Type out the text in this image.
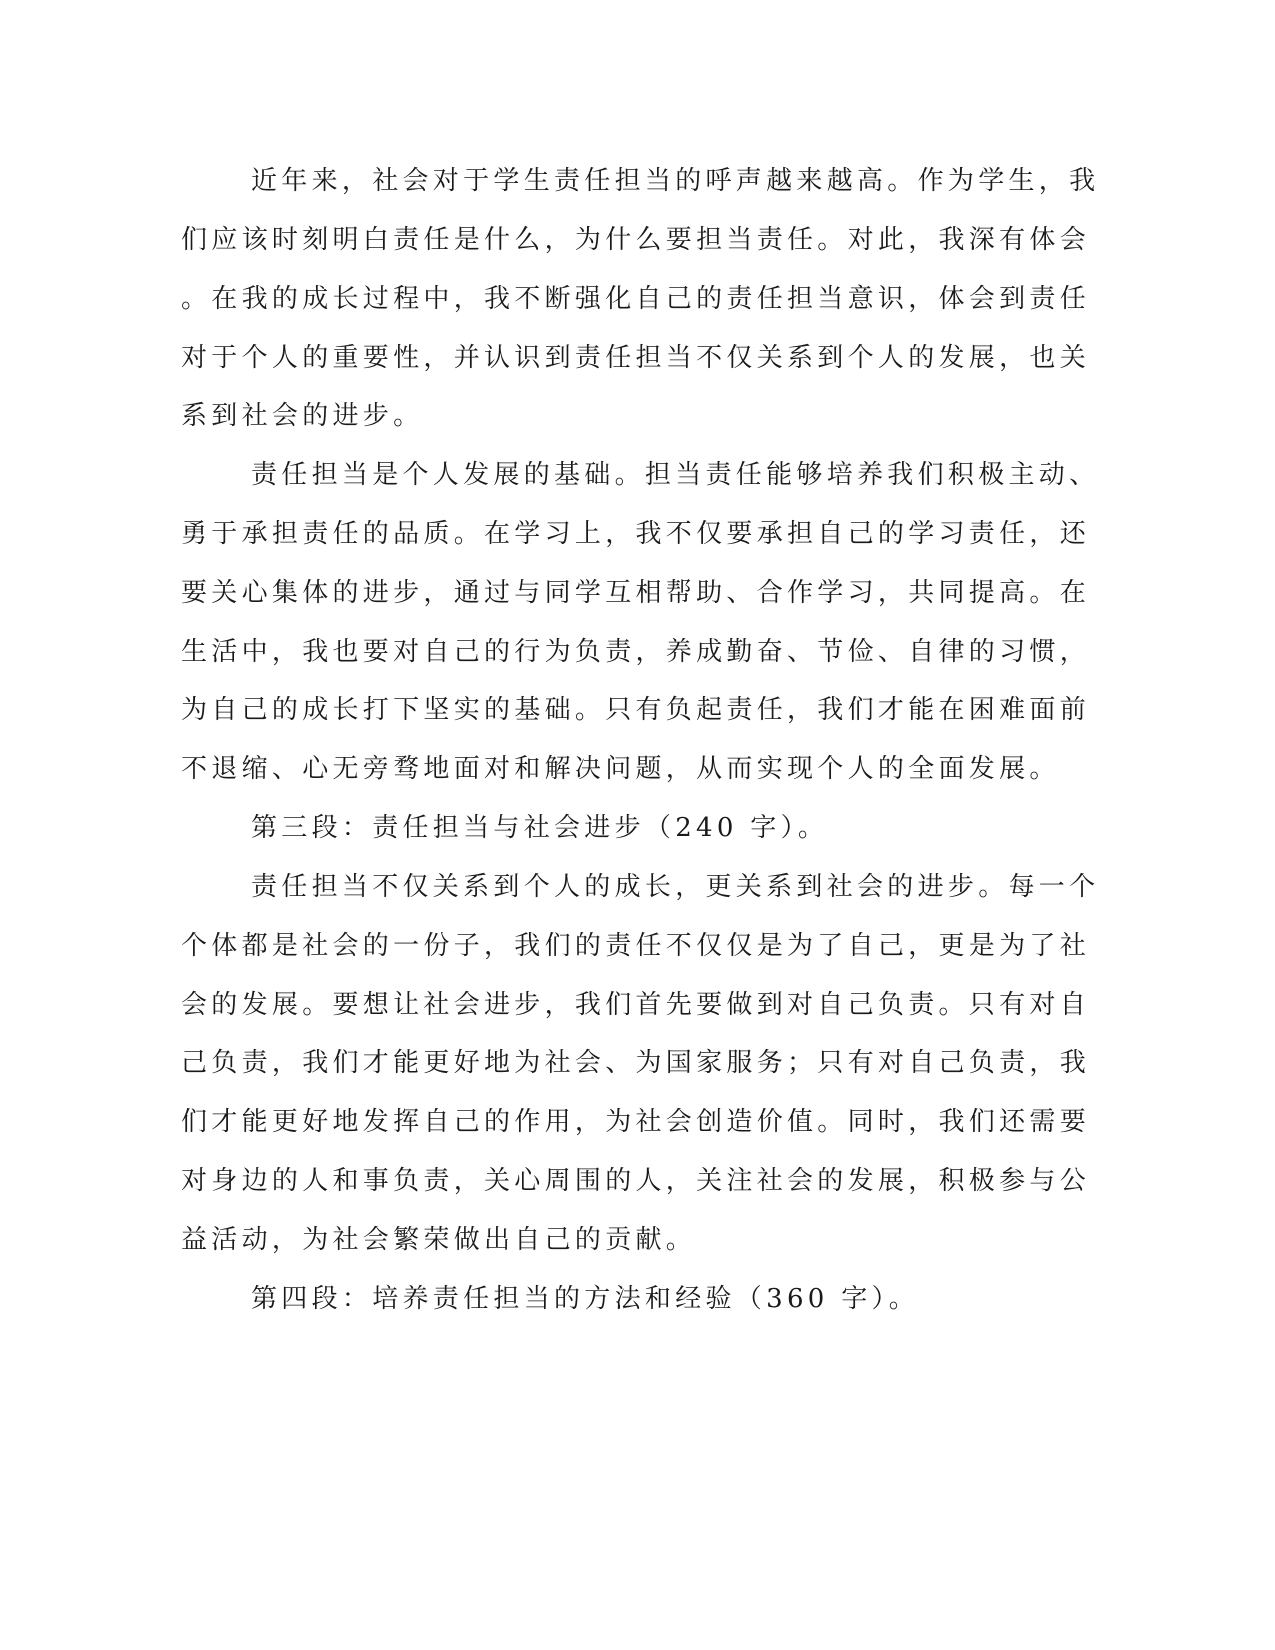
近年来，社会对于学生责任担当的呼声越来越高。作为学生，我

们应该时刻明白责任是什么，为什么要担当责任。对此，我深有体会

。在我的成长过程中，我不断强化自己的责任担当意识，体会到责任

对于个人的重要性，并认识到责任担当不仅关系到个人的发展，也关

系到社会的进步。

责任担当是个人发展的基础。担当责任能够培养我们积极主动、

勇于承担责任的品质。在学习上，我不仅要承担自己的学习责任，还

要关心集体的进步，通过与同学互相帮助、合作学习，共同提高。在

生活中，我也要对自己的行为负责，养成勤奋、节俭、自律的习惯，

为自己的成长打下坚实的基础。只有负起责任，我们才能在困难面前

不退缩、心无旁骛地面对和解决问题，从而实现个人的全面发展。

第三段：责任担当与社会进步（240 字）。

责任担当不仅关系到个人的成长，更关系到社会的进步。每一个

个体都是社会的一份子，我们的责任不仅仅是为了自己，更是为了社

会的发展。要想让社会进步，我们首先要做到对自己负责。只有对自

己负责，我们才能更好地为社会、为国家服务；只有对自己负责，我

们才能更好地发挥自己的作用，为社会创造价值。同时，我们还需要

对身边的人和事负责，关心周围的人，关注社会的发展，积极参与公

益活动，为社会繁荣做出自己的贡献。

第四段：培养责任担当的方法和经验（360 字）。
